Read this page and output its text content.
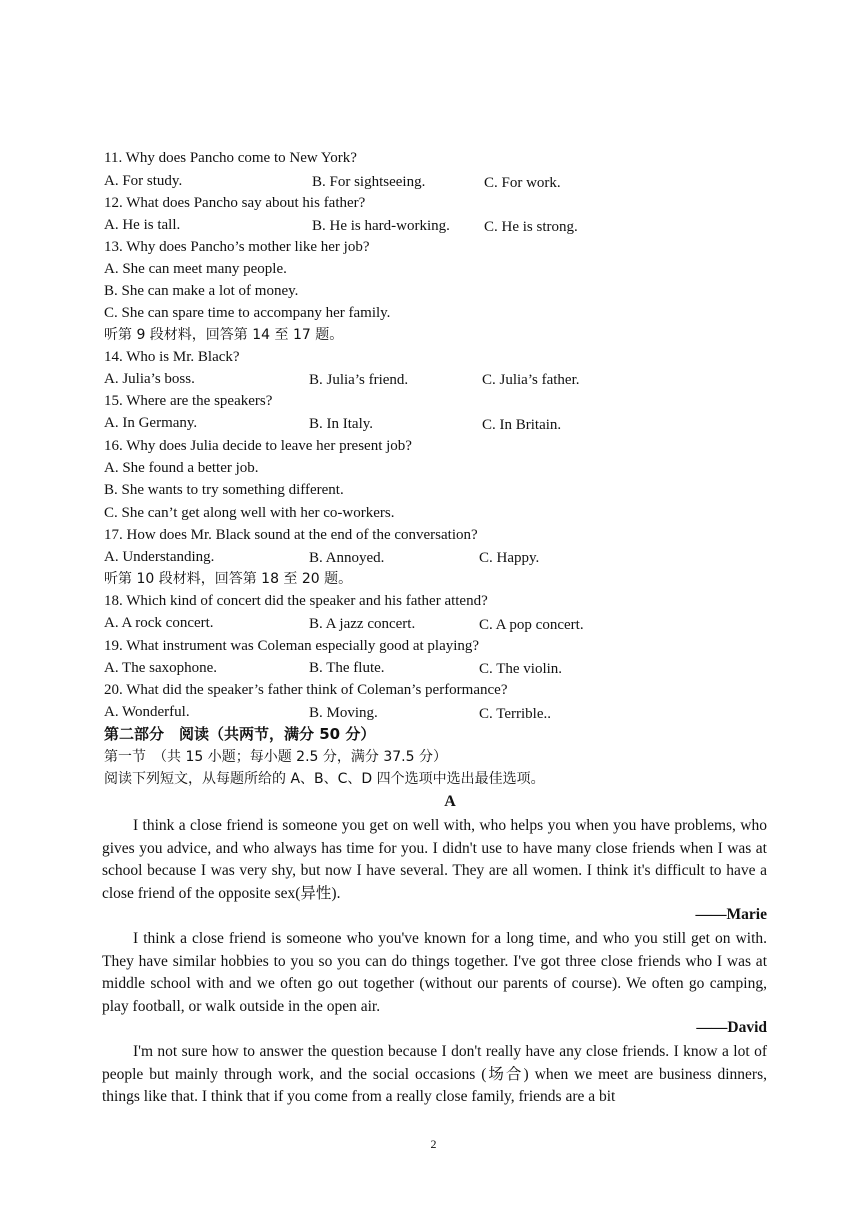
11. Why does Pancho come to New York?
A. For study.	B. For sightseeing.	C. For work.
12. What does Pancho say about his father?
A. He is tall.	B. He is hard-working. C. He is strong.
13. Why does Pancho’s mother like her job?
A. She can meet many people.
B. She can make a lot of money.
C. She can spare time to accompany her family.
听第 9 段材料，回答第 14 至 17 题。
14. Who is Mr. Black?
A. Julia’s boss.	B. Julia’s friend.	C. Julia’s father.
15. Where are the speakers?
A. In Germany.	B. In Italy.	C. In Britain.
16. Why does Julia decide to leave her present job?
A. She found a better job.
B. She wants to try something different.
C. She can’t get along well with her co-workers.
17. How does Mr. Black sound at the end of the conversation?
A. Understanding.	B. Annoyed.	C. Happy.
听第 10 段材料，回答第 18 至 20 题。
18. Which kind of concert did the speaker and his father attend?
A. A rock concert.	B. A jazz concert.	C. A pop concert.
19. What instrument was Coleman especially good at playing?
A. The saxophone.	B. The flute.	C. The violin.
20. What did the speaker’s father think of Coleman’s performance?
A. Wonderful.	B. Moving.	C. Terrible..
第二部分　阅读（共两节，满分 50 分）
第一节　（共 15 小题；每小题 2.5 分，满分 37.5 分）
阅读下列短文，从每题所给的 A、B、C、D 四个选项中选出最佳选项。
A
I think a close friend is someone you get on well with, who helps you when you have problems, who gives you advice, and who always has time for you. I didn't use to have many close friends when I was at school because I was very shy, but now I have several. They are all women. I think it's difficult to have a close friend of the opposite sex(异性).
——Marie
I think a close friend is someone who you've known for a long time, and who you still get on with. They have similar hobbies to you so you can do things together. I've got three close friends who I was at middle school with and we often go out together (without our parents of course). We often go camping, play football, or walk outside in the open air.
——David
I'm not sure how to answer the question because I don't really have any close friends. I know a lot of people but mainly through work, and the social occasions (场合) when we meet are business dinners, things like that. I think that if you come from a really close family, friends are a bit
2
